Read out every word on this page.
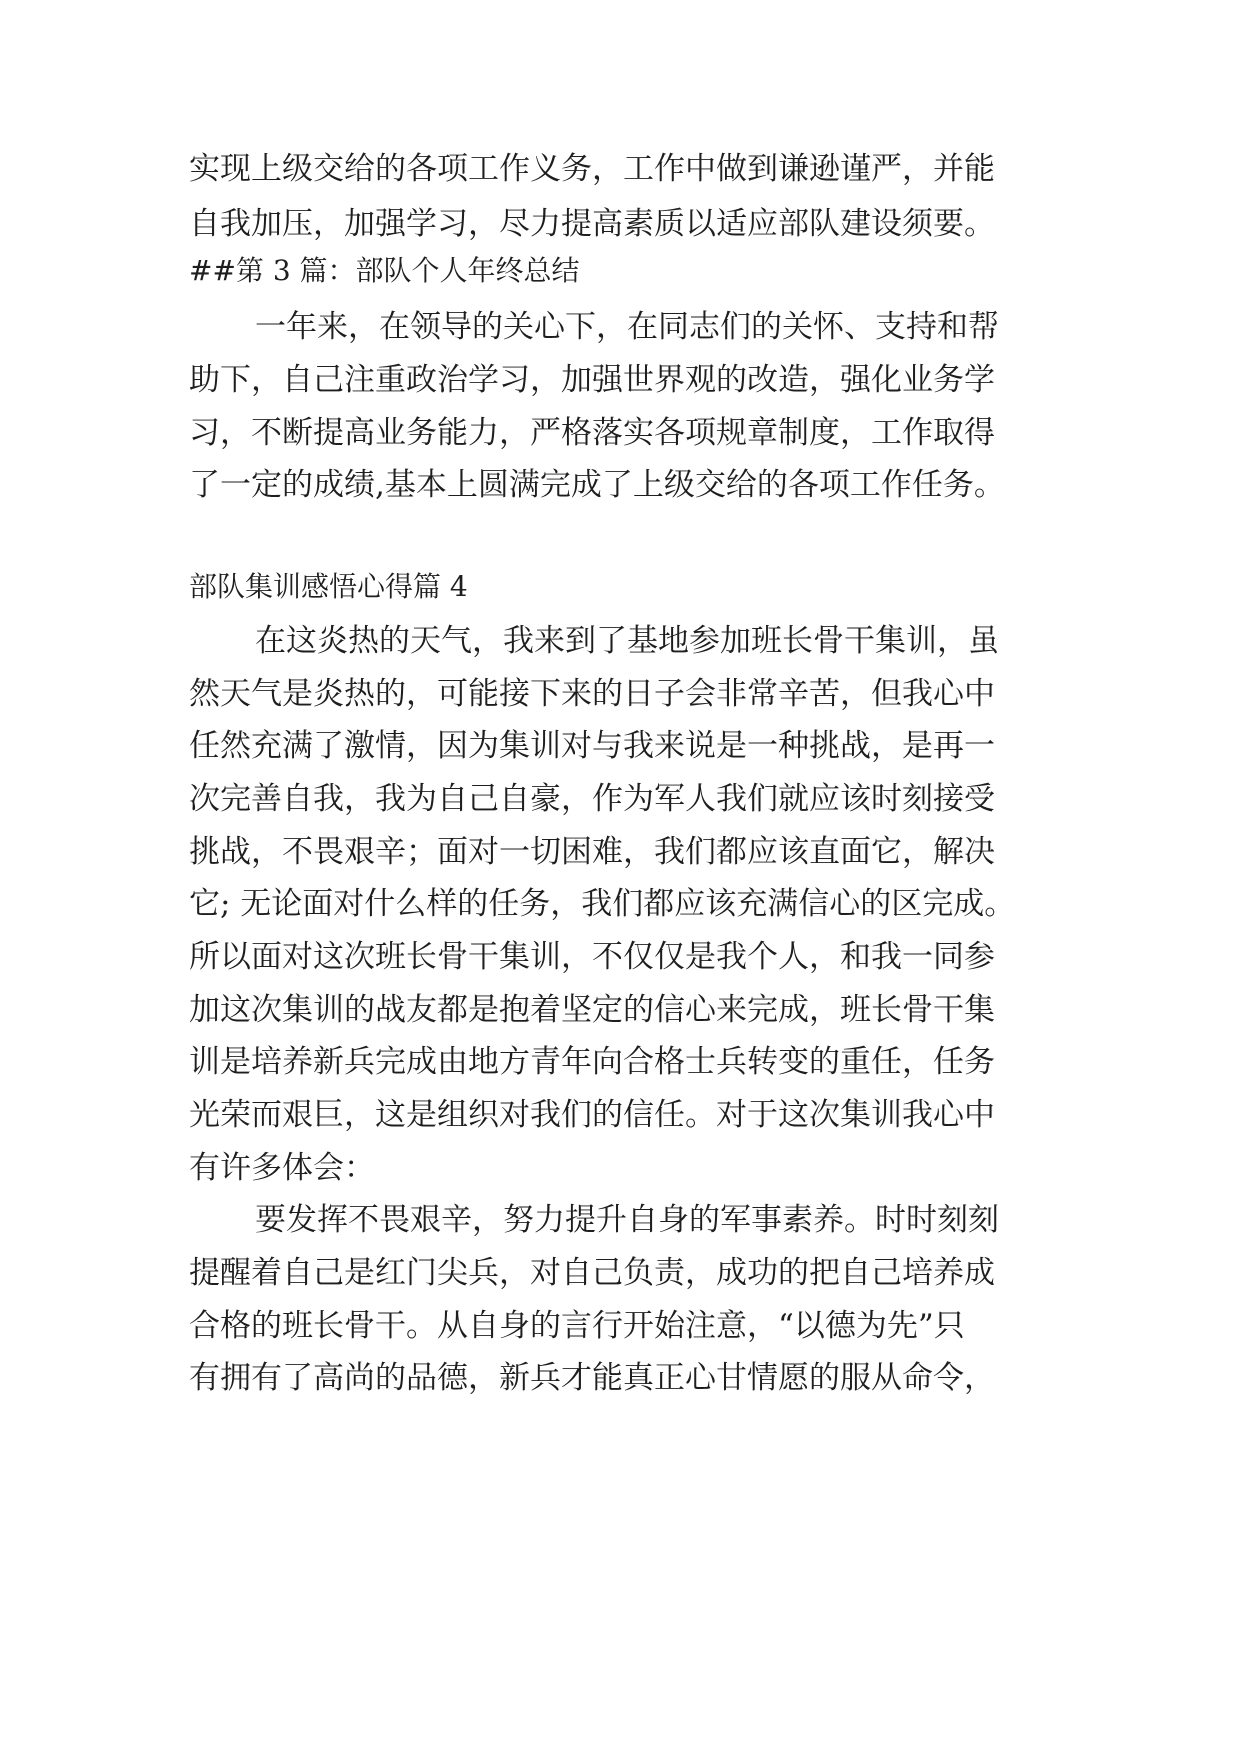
实现上级交给的各项工作义务，工作中做到谦逊谨严，并能
自我加压，加强学习，尽力提高素质以适应部队建设须要。
##第 3 篇：部队个人年终总结
一年来，在领导的关心下，在同志们的关怀、支持和帮
助下，自己注重政治学习，加强世界观的改造，强化业务学
习，不断提高业务能力，严格落实各项规章制度，工作取得
了一定的成绩,基本上圆满完成了上级交给的各项工作任务。
部队集训感悟心得篇 4
在这炎热的天气，我来到了基地参加班长骨干集训，虽
然天气是炎热的，可能接下来的日子会非常辛苦，但我心中
任然充满了激情，因为集训对与我来说是一种挑战，是再一
次完善自我，我为自己自豪，作为军人我们就应该时刻接受
挑战，不畏艰辛；面对一切困难，我们都应该直面它，解决
它; 无论面对什么样的任务，我们都应该充满信心的区完成。
所以面对这次班长骨干集训，不仅仅是我个人，和我一同参
加这次集训的战友都是抱着坚定的信心来完成，班长骨干集
训是培养新兵完成由地方青年向合格士兵转变的重任，任务
光荣而艰巨，这是组织对我们的信任。对于这次集训我心中
有许多体会：
要发挥不畏艰辛，努力提升自身的军事素养。时时刻刻
提醒着自己是红门尖兵，对自己负责，成功的把自己培养成
合格的班长骨干。从自身的言行开始注意，“以德为先”只
有拥有了高尚的品德，新兵才能真正心甘情愿的服从命令，
